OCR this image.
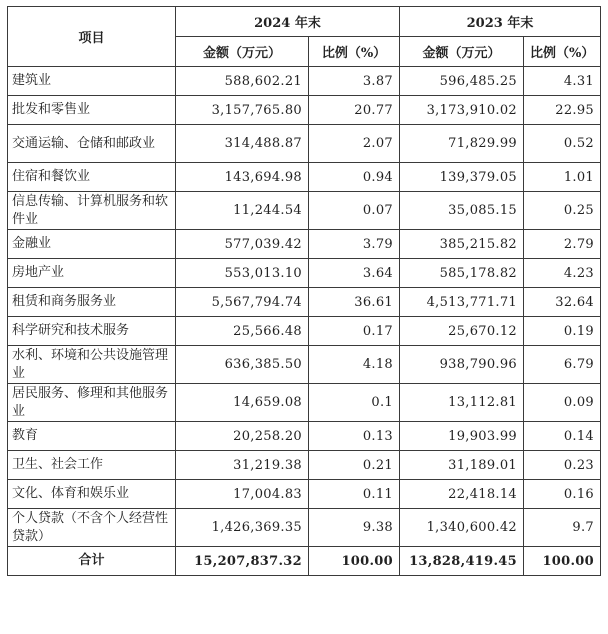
项目	2024 年末		2023 年末	
	金额（万元）	比例（%）	金额（万元）	比例（%）
建筑业	588,602.21	3.87	596,485.25	4.31
批发和零售业	3,157,765.80	20.77	3,173,910.02	22.95
交通运输、仓储和邮政业	314,488.87	2.07	71,829.99	0.52
住宿和餐饮业	143,694.98	0.94	139,379.05	1.01
信息传输、计算机服务和软件业	11,244.54	0.07	35,085.15	0.25
金融业	577,039.42	3.79	385,215.82	2.79
房地产业	553,013.10	3.64	585,178.82	4.23
租赁和商务服务业	5,567,794.74	36.61	4,513,771.71	32.64
科学研究和技术服务	25,566.48	0.17	25,670.12	0.19
水利、环境和公共设施管理业	636,385.50	4.18	938,790.96	6.79
居民服务、修理和其他服务业	14,659.08	0.1	13,112.81	0.09
教育	20,258.20	0.13	19,903.99	0.14
卫生、社会工作	31,219.38	0.21	31,189.01	0.23
文化、体育和娱乐业	17,004.83	0.11	22,418.14	0.16
个人贷款（不含个人经营性贷款）	1,426,369.35	9.38	1,340,600.42	9.7
合计	15,207,837.32	100.00	13,828,419.45	100.00
